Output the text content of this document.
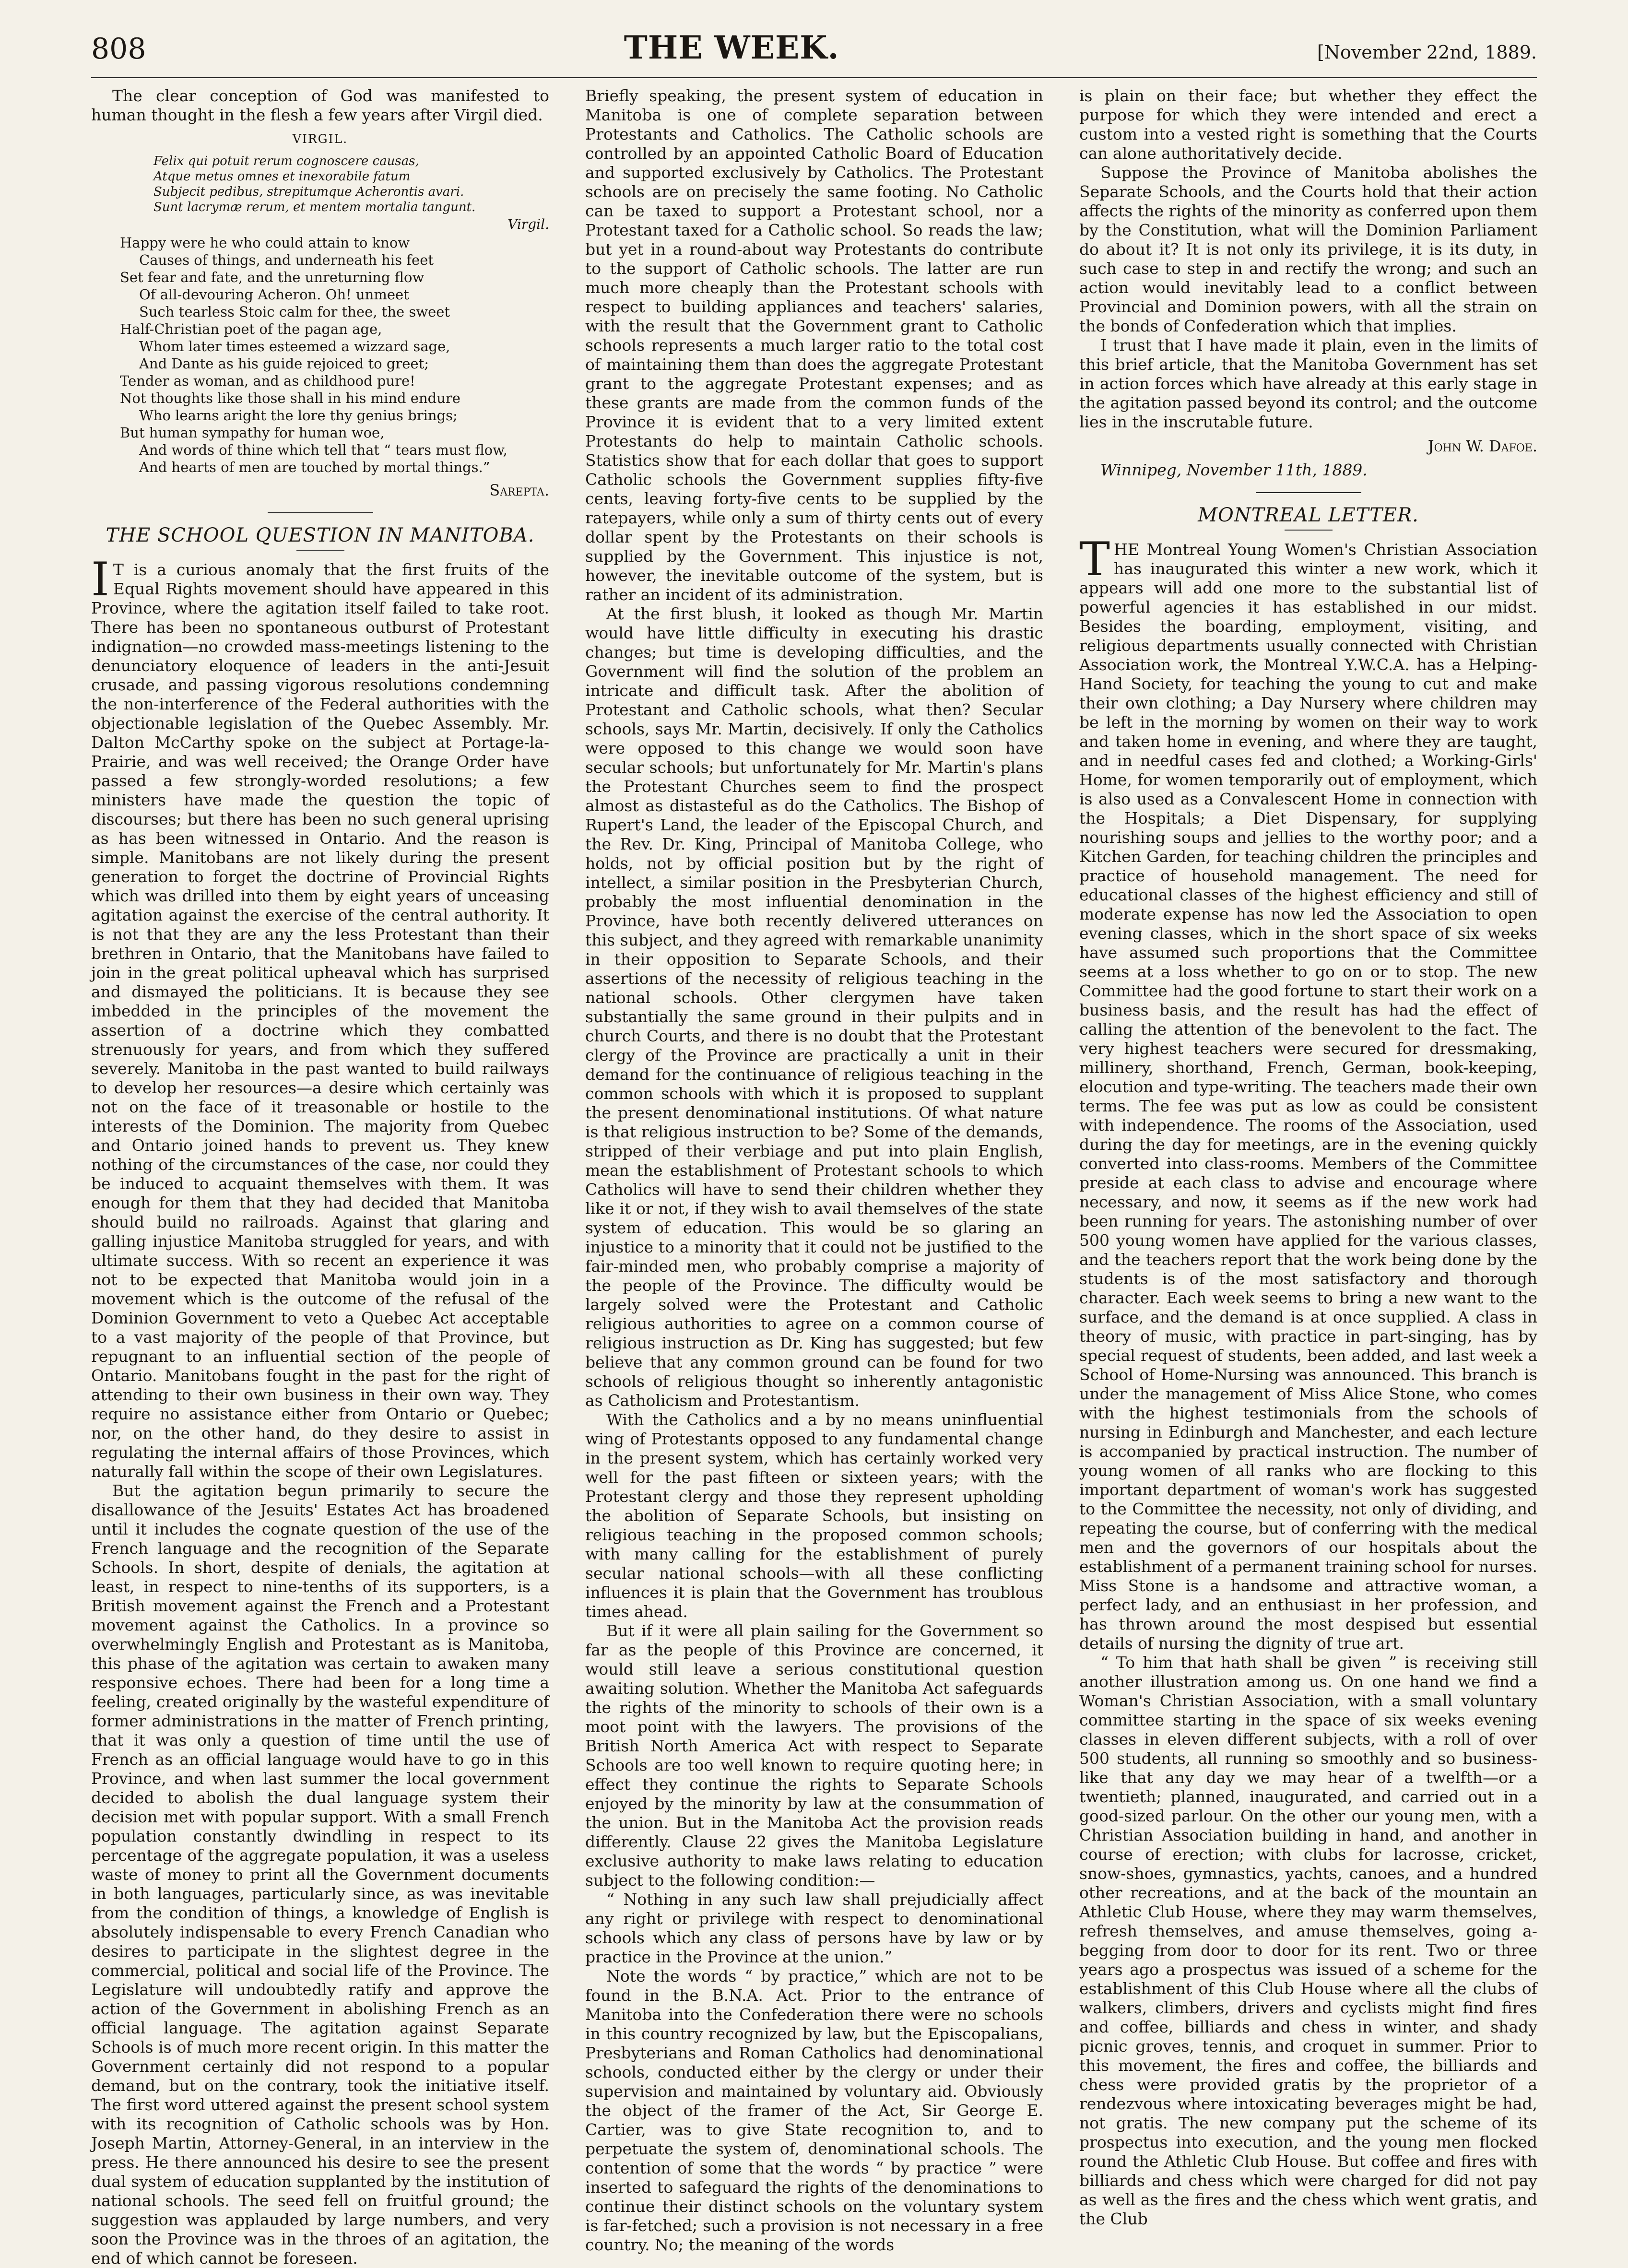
808	THE WEEK.	[November 22nd, 1889.

The clear conception of God was manifested to human thought in the flesh a few years after Virgil died.

VIRGIL.
Felix qui potuit rerum cognoscere causas,
Atque metus omnes et inexorabile fatum
Subjecit pedibus, strepitumque Acherontis avari.
Sunt lacrymæ rerum, et mentem mortalia tangunt.
Virgil.
Happy were he who could attain to know
Causes of things, and underneath his feet
Set fear and fate, and the unreturning flow
Of all-devouring Acheron. Oh! unmeet
Such tearless Stoic calm for thee, the sweet
Half-Christian poet of the pagan age,
Whom later times esteemed a wizzard sage,
And Dante as his guide rejoiced to greet;
Tender as woman, and as childhood pure!
Not thoughts like those shall in his mind endure
Who learns aright the lore thy genius brings;
But human sympathy for human woe,
And words of thine which tell that “ tears must flow,
And hearts of men are touched by mortal things.”
Sarepta.
THE SCHOOL QUESTION IN MANITOBA.

I T is a curious anomaly that the first fruits of the Equal Rights movement should have appeared in this Province, where the agitation itself failed to take root. There has been no spontaneous outburst of Protestant indignation—no crowded mass-meetings listening to the denunciatory eloquence of leaders in the anti-Jesuit crusade, and passing vigorous resolutions condemning the non-interference of the Federal authorities with the objectionable legislation of the Quebec Assembly. Mr. Dalton McCarthy spoke on the subject at Portage-la-Prairie, and was well received; the Orange Order have passed a few strongly-worded resolutions; a few ministers have made the question the topic of discourses; but there has been no such general uprising as has been witnessed in Ontario. And the reason is simple. Manitobans are not likely during the present generation to forget the doctrine of Provincial Rights which was drilled into them by eight years of unceasing agitation against the exercise of the central authority. It is not that they are any the less Protestant than their brethren in Ontario, that the Manitobans have failed to join in the great political upheaval which has surprised and dismayed the politicians. It is because they see imbedded in the principles of the movement the assertion of a doctrine which they combatted strenuously for years, and from which they suffered severely. Manitoba in the past wanted to build railways to develop her resources—a desire which certainly was not on the face of it treasonable or hostile to the interests of the Dominion. The majority from Quebec and Ontario joined hands to prevent us. They knew nothing of the circumstances of the case, nor could they be induced to acquaint themselves with them. It was enough for them that they had decided that Manitoba should build no railroads. Against that glaring and galling injustice Manitoba struggled for years, and with ultimate success. With so recent an experience it was not to be expected that Manitoba would join in a movement which is the outcome of the refusal of the Dominion Government to veto a Quebec Act acceptable to a vast majority of the people of that Province, but repugnant to an influential section of the people of Ontario. Manitobans fought in the past for the right of attending to their own business in their own way. They require no assistance either from Ontario or Quebec; nor, on the other hand, do they desire to assist in regulating the internal affairs of those Provinces, which naturally fall within the scope of their own Legislatures.

But the agitation begun primarily to secure the disallowance of the Jesuits' Estates Act has broadened until it includes the cognate question of the use of the French language and the recognition of the Separate Schools. In short, despite of denials, the agitation at least, in respect to nine-tenths of its supporters, is a British movement against the French and a Protestant movement against the Catholics. In a province so overwhelmingly English and Protestant as is Manitoba, this phase of the agitation was certain to awaken many responsive echoes. There had been for a long time a feeling, created originally by the wasteful expenditure of former administrations in the matter of French printing, that it was only a question of time until the use of French as an official language would have to go in this Province, and when last summer the local government decided to abolish the dual language system their decision met with popular support. With a small French population constantly dwindling in respect to its percentage of the aggregate population, it was a useless waste of money to print all the Government documents in both languages, particularly since, as was inevitable from the condition of things, a knowledge of English is absolutely indispensable to every French Canadian who desires to participate in the slightest degree in the commercial, political and social life of the Province. The Legislature will undoubtedly ratify and approve the action of the Government in abolishing French as an official language. The agitation against Separate Schools is of much more recent origin. In this matter the Government certainly did not respond to a popular demand, but on the contrary, took the initiative itself. The first word uttered against the present school system with its recognition of Catholic schools was by Hon. Joseph Martin, Attorney-General, in an interview in the press. He there announced his desire to see the present dual system of education supplanted by the institution of national schools. The seed fell on fruitful ground; the suggestion was applauded by large numbers, and very soon the Province was in the throes of an agitation, the end of which cannot be foreseen.

Briefly speaking, the present system of education in Manitoba is one of complete separation between Protestants and Catholics. The Catholic schools are controlled by an appointed Catholic Board of Education and supported exclusively by Catholics. The Protestant schools are on precisely the same footing. No Catholic can be taxed to support a Protestant school, nor a Protestant taxed for a Catholic school. So reads the law; but yet in a round-about way Protestants do contribute to the support of Catholic schools. The latter are run much more cheaply than the Protestant schools with respect to building appliances and teachers' salaries, with the result that the Government grant to Catholic schools represents a much larger ratio to the total cost of maintaining them than does the aggregate Protestant grant to the aggregate Protestant expenses; and as these grants are made from the common funds of the Province it is evident that to a very limited extent Protestants do help to maintain Catholic schools. Statistics show that for each dollar that goes to support Catholic schools the Government supplies fifty-five cents, leaving forty-five cents to be supplied by the ratepayers, while only a sum of thirty cents out of every dollar spent by the Protestants on their schools is supplied by the Government. This injustice is not, however, the inevitable outcome of the system, but is rather an incident of its administration.

At the first blush, it looked as though Mr. Martin would have little difficulty in executing his drastic changes; but time is developing difficulties, and the Government will find the solution of the problem an intricate and difficult task. After the abolition of Protestant and Catholic schools, what then? Secular schools, says Mr. Martin, decisively. If only the Catholics were opposed to this change we would soon have secular schools; but unfortunately for Mr. Martin's plans the Protestant Churches seem to find the prospect almost as distasteful as do the Catholics. The Bishop of Rupert's Land, the leader of the Episcopal Church, and the Rev. Dr. King, Principal of Manitoba College, who holds, not by official position but by the right of intellect, a similar position in the Presbyterian Church, probably the most influential denomination in the Province, have both recently delivered utterances on this subject, and they agreed with remarkable unanimity in their opposition to Separate Schools, and their assertions of the necessity of religious teaching in the national schools. Other clergymen have taken substantially the same ground in their pulpits and in church Courts, and there is no doubt that the Protestant clergy of the Province are practically a unit in their demand for the continuance of religious teaching in the common schools with which it is proposed to supplant the present denominational institutions. Of what nature is that religious instruction to be? Some of the demands, stripped of their verbiage and put into plain English, mean the establishment of Protestant schools to which Catholics will have to send their children whether they like it or not, if they wish to avail themselves of the state system of education. This would be so glaring an injustice to a minority that it could not be justified to the fair-minded men, who probably comprise a majority of the people of the Province. The difficulty would be largely solved were the Protestant and Catholic religious authorities to agree on a common course of religious instruction as Dr. King has suggested; but few believe that any common ground can be found for two schools of religious thought so inherently antagonistic as Catholicism and Protestantism.

With the Catholics and a by no means uninfluential wing of Protestants opposed to any fundamental change in the present system, which has certainly worked very well for the past fifteen or sixteen years; with the Protestant clergy and those they represent upholding the abolition of Separate Schools, but insisting on religious teaching in the proposed common schools; with many calling for the establishment of purely secular national schools—with all these conflicting influences it is plain that the Government has troublous times ahead.

But if it were all plain sailing for the Government so far as the people of this Province are concerned, it would still leave a serious constitutional question awaiting solution. Whether the Manitoba Act safeguards the rights of the minority to schools of their own is a moot point with the lawyers. The provisions of the British North America Act with respect to Separate Schools are too well known to require quoting here; in effect they continue the rights to Separate Schools enjoyed by the minority by law at the consummation of the union. But in the Manitoba Act the provision reads differently. Clause 22 gives the Manitoba Legislature exclusive authority to make laws relating to education subject to the following condition:—

“ Nothing in any such law shall prejudicially affect any right or privilege with respect to denominational schools which any class of persons have by law or by practice in the Province at the union.”

Note the words “ by practice,” which are not to be found in the B.N.A. Act. Prior to the entrance of Manitoba into the Confederation there were no schools in this country recognized by law, but the Episcopalians, Presbyterians and Roman Catholics had denominational schools, conducted either by the clergy or under their supervision and maintained by voluntary aid. Obviously the object of the framer of the Act, Sir George E. Cartier, was to give State recognition to, and to perpetuate the system of, denominational schools. The contention of some that the words “ by practice ” were inserted to safeguard the rights of the denominations to continue their distinct schools on the voluntary system is far-fetched; such a provision is not necessary in a free country. No; the meaning of the words

is plain on their face; but whether they effect the purpose for which they were intended and erect a custom into a vested right is something that the Courts can alone authoritatively decide.

Suppose the Province of Manitoba abolishes the Separate Schools, and the Courts hold that their action affects the rights of the minority as conferred upon them by the Constitution, what will the Dominion Parliament do about it? It is not only its privilege, it is its duty, in such case to step in and rectify the wrong; and such an action would inevitably lead to a conflict between Provincial and Dominion powers, with all the strain on the bonds of Confederation which that implies.

I trust that I have made it plain, even in the limits of this brief article, that the Manitoba Government has set in action forces which have already at this early stage in the agitation passed beyond its control; and the outcome lies in the inscrutable future.

John W. Dafoe.

Winnipeg, November 11th, 1889.

MONTREAL LETTER.

THE Montreal Young Women's Christian Association has inaugurated this winter a new work, which it appears will add one more to the substantial list of powerful agencies it has established in our midst. Besides the boarding, employment, visiting, and religious departments usually connected with Christian Association work, the Montreal Y.W.C.A. has a Helping-Hand Society, for teaching the young to cut and make their own clothing; a Day Nursery where children may be left in the morning by women on their way to work and taken home in evening, and where they are taught, and in needful cases fed and clothed; a Working-Girls' Home, for women temporarily out of employment, which is also used as a Convalescent Home in connection with the Hospitals; a Diet Dispensary, for supplying nourishing soups and jellies to the worthy poor; and a Kitchen Garden, for teaching children the principles and practice of household management. The need for educational classes of the highest efficiency and still of moderate expense has now led the Association to open evening classes, which in the short space of six weeks have assumed such proportions that the Committee seems at a loss whether to go on or to stop. The new Committee had the good fortune to start their work on a business basis, and the result has had the effect of calling the attention of the benevolent to the fact. The very highest teachers were secured for dressmaking, millinery, shorthand, French, German, book-keeping, elocution and type-writing. The teachers made their own terms. The fee was put as low as could be consistent with independence. The rooms of the Association, used during the day for meetings, are in the evening quickly converted into class-rooms. Members of the Committee preside at each class to advise and encourage where necessary, and now, it seems as if the new work had been running for years. The astonishing number of over 500 young women have applied for the various classes, and the teachers report that the work being done by the students is of the most satisfactory and thorough character. Each week seems to bring a new want to the surface, and the demand is at once supplied. A class in theory of music, with practice in part-singing, has by special request of students, been added, and last week a School of Home-Nursing was announced. This branch is under the management of Miss Alice Stone, who comes with the highest testimonials from the schools of nursing in Edinburgh and Manchester, and each lecture is accompanied by practical instruction. The number of young women of all ranks who are flocking to this important department of woman's work has suggested to the Committee the necessity, not only of dividing, and repeating the course, but of conferring with the medical men and the governors of our hospitals about the establishment of a permanent training school for nurses. Miss Stone is a handsome and attractive woman, a perfect lady, and an enthusiast in her profession, and has thrown around the most despised but essential details of nursing the dignity of true art.

“ To him that hath shall be given ” is receiving still another illustration among us. On one hand we find a Woman's Christian Association, with a small voluntary committee starting in the space of six weeks evening classes in eleven different subjects, with a roll of over 500 students, all running so smoothly and so business-like that any day we may hear of a twelfth—or a twentieth; planned, inaugurated, and carried out in a good-sized parlour. On the other our young men, with a Christian Association building in hand, and another in course of erection; with clubs for lacrosse, cricket, snow-shoes, gymnastics, yachts, canoes, and a hundred other recreations, and at the back of the mountain an Athletic Club House, where they may warm themselves, refresh themselves, and amuse themselves, going a-begging from door to door for its rent. Two or three years ago a prospectus was issued of a scheme for the establishment of this Club House where all the clubs of walkers, climbers, drivers and cyclists might find fires and coffee, billiards and chess in winter, and shady picnic groves, tennis, and croquet in summer. Prior to this movement, the fires and coffee, the billiards and chess were provided gratis by the proprietor of a rendezvous where intoxicating beverages might be had, not gratis. The new company put the scheme of its prospectus into execution, and the young men flocked round the Athletic Club House. But coffee and fires with billiards and chess which were charged for did not pay as well as the fires and the chess which went gratis, and the Club
